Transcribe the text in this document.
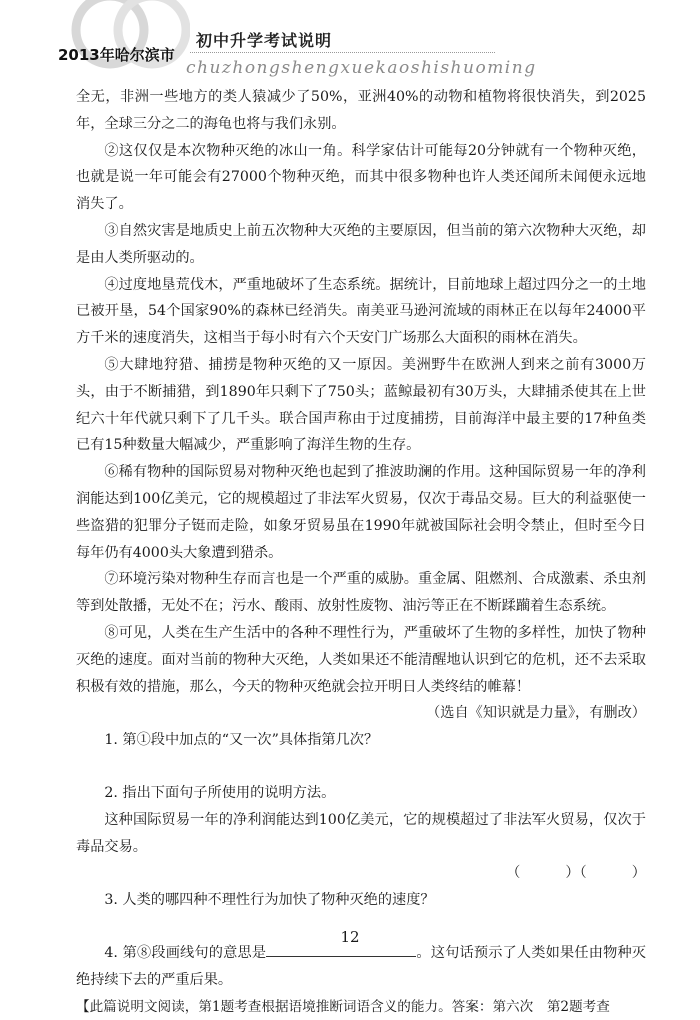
2013年哈尔滨市
初中升学考试说明
chuzhongshengxuekaoshishuoming

全无，非洲一些地方的类人猿减少了50%，亚洲40%的动物和植物将很快消失，到2025年，全球三分之二的海龟也将与我们永别。

②这仅仅是本次物种灭绝的冰山一角。科学家估计可能每20分钟就有一个物种灭绝，也就是说一年可能会有27000个物种灭绝，而其中很多物种也许人类还闻所未闻便永远地消失了。

③自然灾害是地质史上前五次物种大灭绝的主要原因，但当前的第六次物种大灭绝，却是由人类所驱动的。

④过度地垦荒伐木，严重地破坏了生态系统。据统计，目前地球上超过四分之一的土地已被开垦，54个国家90%的森林已经消失。南美亚马逊河流域的雨林正在以每年24000平方千米的速度消失，这相当于每小时有六个天安门广场那么大面积的雨林在消失。

⑤大肆地狩猎、捕捞是物种灭绝的又一原因。美洲野牛在欧洲人到来之前有3000万头，由于不断捕猎，到1890年只剩下了750头；蓝鲸最初有30万头，大肆捕杀使其在上世纪六十年代就只剩下了几千头。联合国声称由于过度捕捞，目前海洋中最主要的17种鱼类已有15种数量大幅减少，严重影响了海洋生物的生存。

⑥稀有物种的国际贸易对物种灭绝也起到了推波助澜的作用。这种国际贸易一年的净利润能达到100亿美元，它的规模超过了非法军火贸易，仅次于毒品交易。巨大的利益驱使一些盗猎的犯罪分子铤而走险，如象牙贸易虽在1990年就被国际社会明令禁止，但时至今日每年仍有4000头大象遭到猎杀。

⑦环境污染对物种生存而言也是一个严重的威胁。重金属、阻燃剂、合成激素、杀虫剂等到处散播，无处不在；污水、酸雨、放射性废物、油污等正在不断蹂躏着生态系统。

⑧可见，人类在生产生活中的各种不理性行为，严重破坏了生物的多样性，加快了物种灭绝的速度。面对当前的物种大灭绝，人类如果还不能清醒地认识到它的危机，还不去采取积极有效的措施，那么，今天的物种灭绝就会拉开明日人类终结的帷幕！

（选自《知识就是力量》，有删改）

1. 第①段中加点的“又一次”具体指第几次？

2. 指出下面句子所使用的说明方法。

这种国际贸易一年的净利润能达到100亿美元，它的规模超过了非法军火贸易，仅次于毒品交易。

（          ）（          ）

3. 人类的哪四种不理性行为加快了物种灭绝的速度？

4. 第⑧段画线句的意思是	。这句话预示了人类如果任由物种灭绝持续下去的严重后果。

【此篇说明文阅读，第1题考查根据语境推断词语含义的能力。答案：第六次　第2题考查

12
